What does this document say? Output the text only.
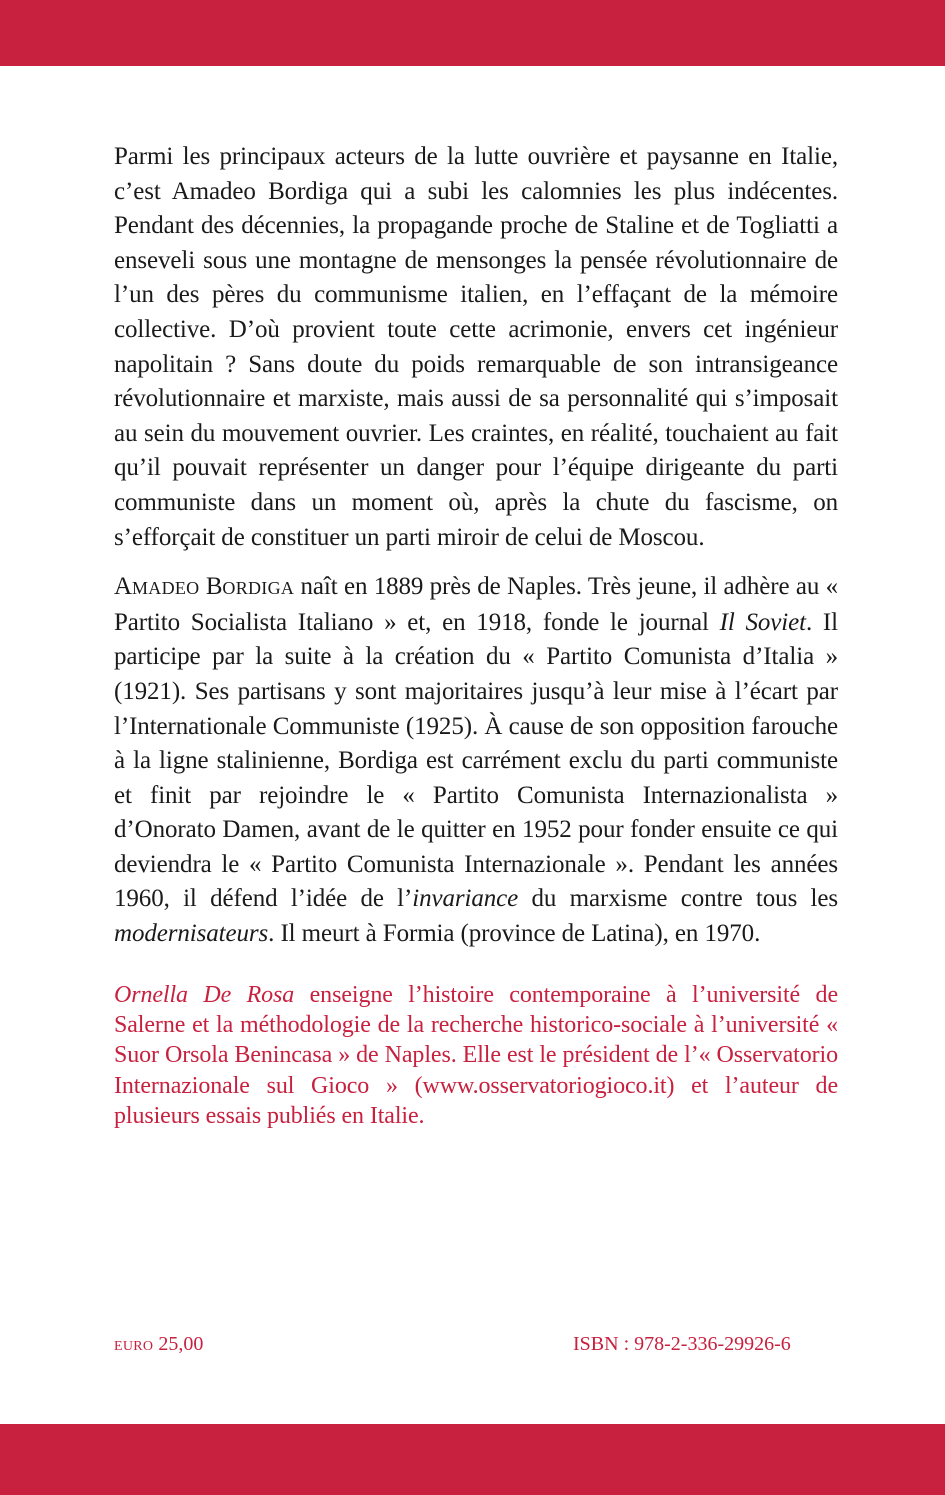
Parmi les principaux acteurs de la lutte ouvrière et paysanne en Italie, c’est Amadeo Bordiga qui a subi les calomnies les plus indécentes. Pendant des décennies, la propagande proche de Staline et de Togliatti a enseveli sous une montagne de mensonges la pensée révolutionnaire de l’un des pères du communisme italien, en l’effaçant de la mémoire collective. D’où provient toute cette acrimonie, envers cet ingénieur napolitain ? Sans doute du poids remarquable de son intransigeance révolutionnaire et marxiste, mais aussi de sa personnalité qui s’imposait au sein du mouvement ouvrier. Les craintes, en réalité, touchaient au fait qu’il pouvait représenter un danger pour l’équipe dirigeante du parti communiste dans un moment où, après la chute du fascisme, on s’efforçait de constituer un parti miroir de celui de Moscou.

AMADEO BORDIGA naît en 1889 près de Naples. Très jeune, il adhère au « Partito Socialista Italiano » et, en 1918, fonde le journal Il Soviet. Il participe par la suite à la création du « Partito Comunista d’Italia » (1921). Ses partisans y sont majoritaires jusqu’à leur mise à l’écart par l’Internationale Communiste (1925). À cause de son opposition farouche à la ligne stalinienne, Bordiga est carrément exclu du parti communiste et finit par rejoindre le « Partito Comunista Internazionalista » d’Onorato Damen, avant de le quitter en 1952 pour fonder ensuite ce qui deviendra le « Partito Comunista Internazionale ». Pendant les années 1960, il défend l’idée de l’invariance du marxisme contre tous les modernisateurs. Il meurt à Formia (province de Latina), en 1970.

Ornella De Rosa enseigne l’histoire contemporaine à l’université de Salerne et la méthodologie de la recherche historico-sociale à l’université « Suor Orsola Benincasa » de Naples. Elle est le président de l’« Osservatorio Internazionale sul Gioco » (www.osservatoriogioco.it) et l’auteur de plusieurs essais publiés en Italie.

EURO 25,00	ISBN : 978-2-336-29926-6
